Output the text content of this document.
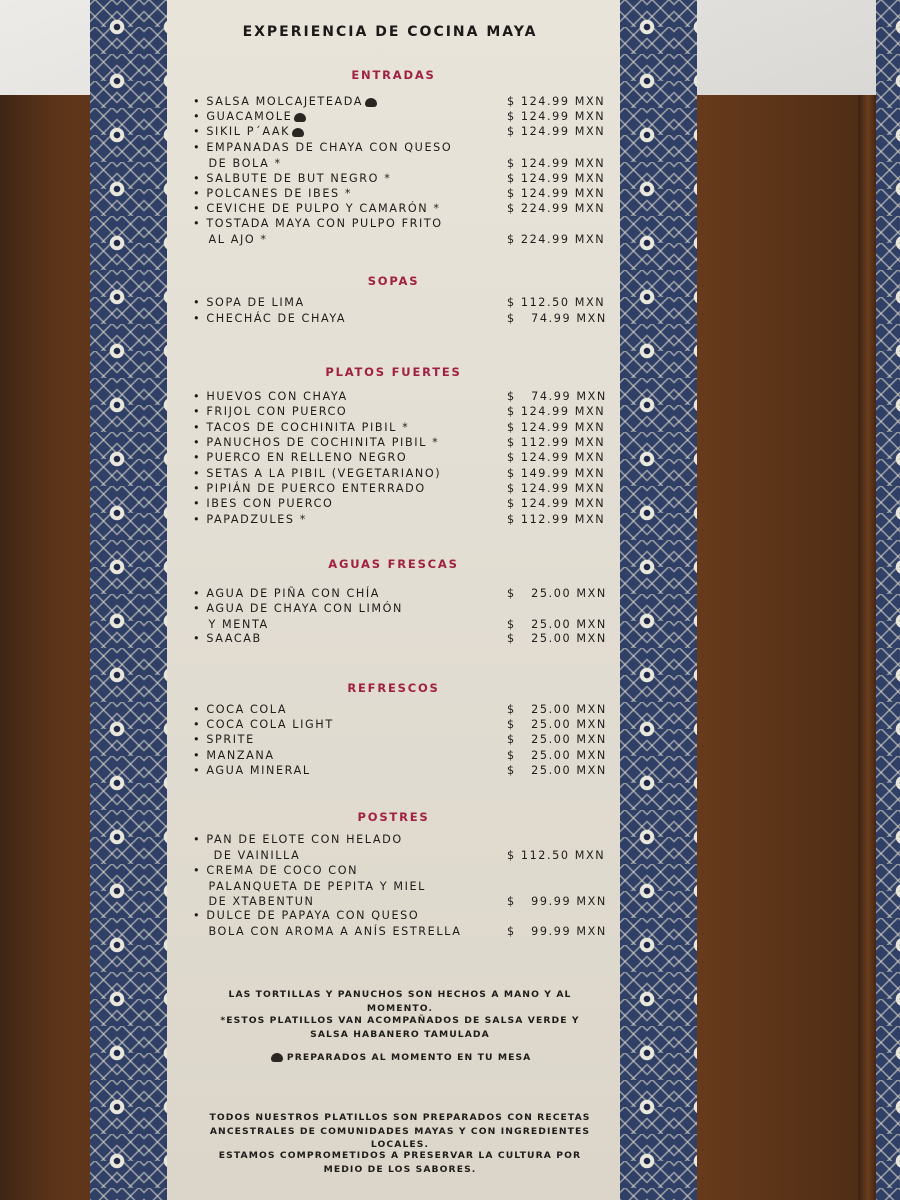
EXPERIENCIA DE COCINA MAYA
ENTRADAS
• SALSA MOLCAJETEADA	$ 124.99 MXN
• GUACAMOLE	$ 124.99 MXN
• SIKIL P´AAK	$ 124.99 MXN
• EMPANADAS DE CHAYA CON QUESO
DE BOLA *	$ 124.99 MXN
• SALBUTE DE BUT NEGRO *	$ 124.99 MXN
• POLCANES DE IBES *	$ 124.99 MXN
• CEVICHE DE PULPO Y CAMARÓN *	$ 224.99 MXN
• TOSTADA MAYA CON PULPO FRITO
AL AJO *	$ 224.99 MXN
SOPAS
• SOPA DE LIMA	$ 112.50 MXN
• CHECHÁC DE CHAYA	$   74.99 MXN
PLATOS FUERTES
• HUEVOS CON CHAYA	$   74.99 MXN
• FRIJOL CON PUERCO	$ 124.99 MXN
• TACOS DE COCHINITA PIBIL *	$ 124.99 MXN
• PANUCHOS DE COCHINITA PIBIL *	$ 112.99 MXN
• PUERCO EN RELLENO NEGRO	$ 124.99 MXN
• SETAS A LA PIBIL (VEGETARIANO)	$ 149.99 MXN
• PIPIÁN DE PUERCO ENTERRADO	$ 124.99 MXN
• IBES CON PUERCO	$ 124.99 MXN
• PAPADZULES *	$ 112.99 MXN
AGUAS FRESCAS
• AGUA DE PIÑA CON CHÍA	$   25.00 MXN
• AGUA DE CHAYA CON LIMÓN
Y MENTA	$   25.00 MXN
• SAACAB	$   25.00 MXN
REFRESCOS
• COCA COLA	$   25.00 MXN
• COCA COLA LIGHT	$   25.00 MXN
• SPRITE	$   25.00 MXN
• MANZANA	$   25.00 MXN
• AGUA MINERAL	$   25.00 MXN
POSTRES
• PAN DE ELOTE CON HELADO
DE VAINILLA	$ 112.50 MXN
• CREMA DE COCO CON
PALANQUETA DE PEPITA Y MIEL
DE XTABENTUN	$   99.99 MXN
• DULCE DE PAPAYA CON QUESO
BOLA CON AROMA A ANÍS ESTRELLA	$   99.99 MXN
LAS TORTILLAS Y PANUCHOS SON HECHOS A MANO Y AL MOMENTO.
*ESTOS PLATILLOS VAN ACOMPAÑADOS DE SALSA VERDE Y SALSA HABANERO TAMULADA
PREPARADOS AL MOMENTO EN TU MESA
TODOS NUESTROS PLATILLOS SON PREPARADOS CON RECETAS ANCESTRALES DE COMUNIDADES MAYAS Y CON INGREDIENTES LOCALES.
ESTAMOS COMPROMETIDOS A PRESERVAR LA CULTURA POR MEDIO DE LOS SABORES.
